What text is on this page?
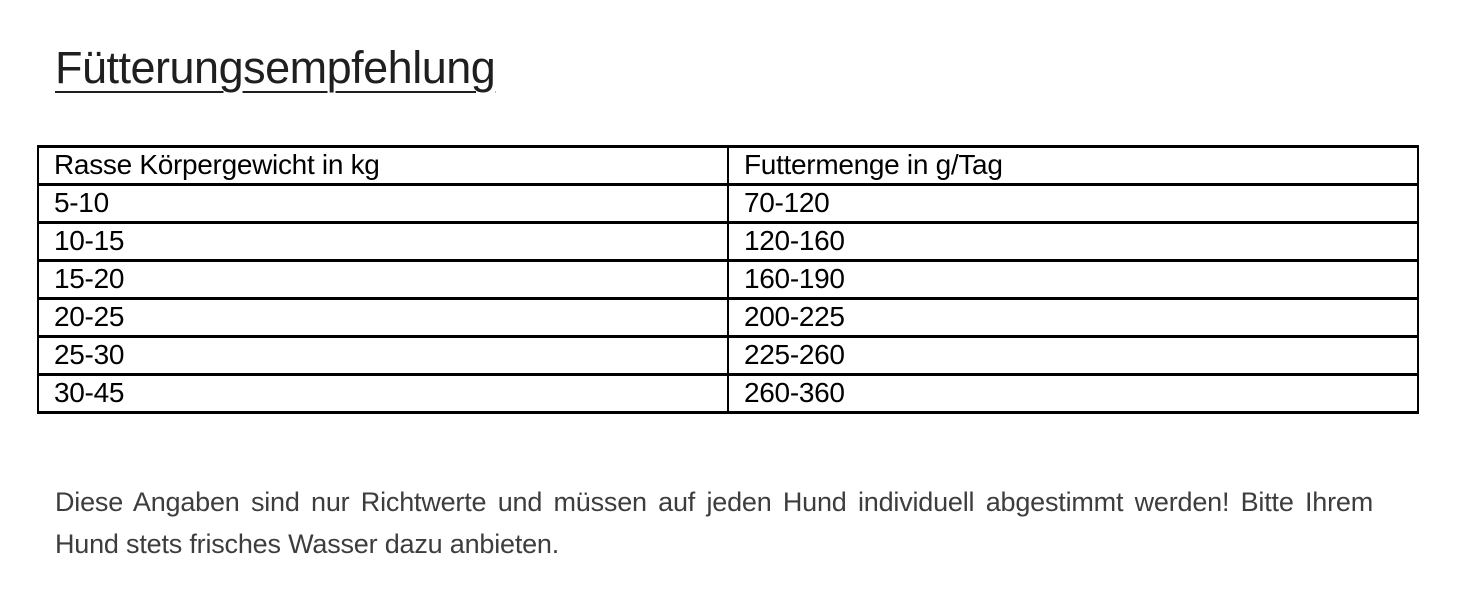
Fütterungsempfehlung
Rasse Körpergewicht in kg	Futtermenge in g/Tag
5-10	70-120
10-15	120-160
15-20	160-190
20-25	200-225
25-30	225-260
30-45	260-360
Diese Angaben sind nur Richtwerte und müssen auf jeden Hund individuell abgestimmt werden! Bitte Ihrem
Hund stets frisches Wasser dazu anbieten.
